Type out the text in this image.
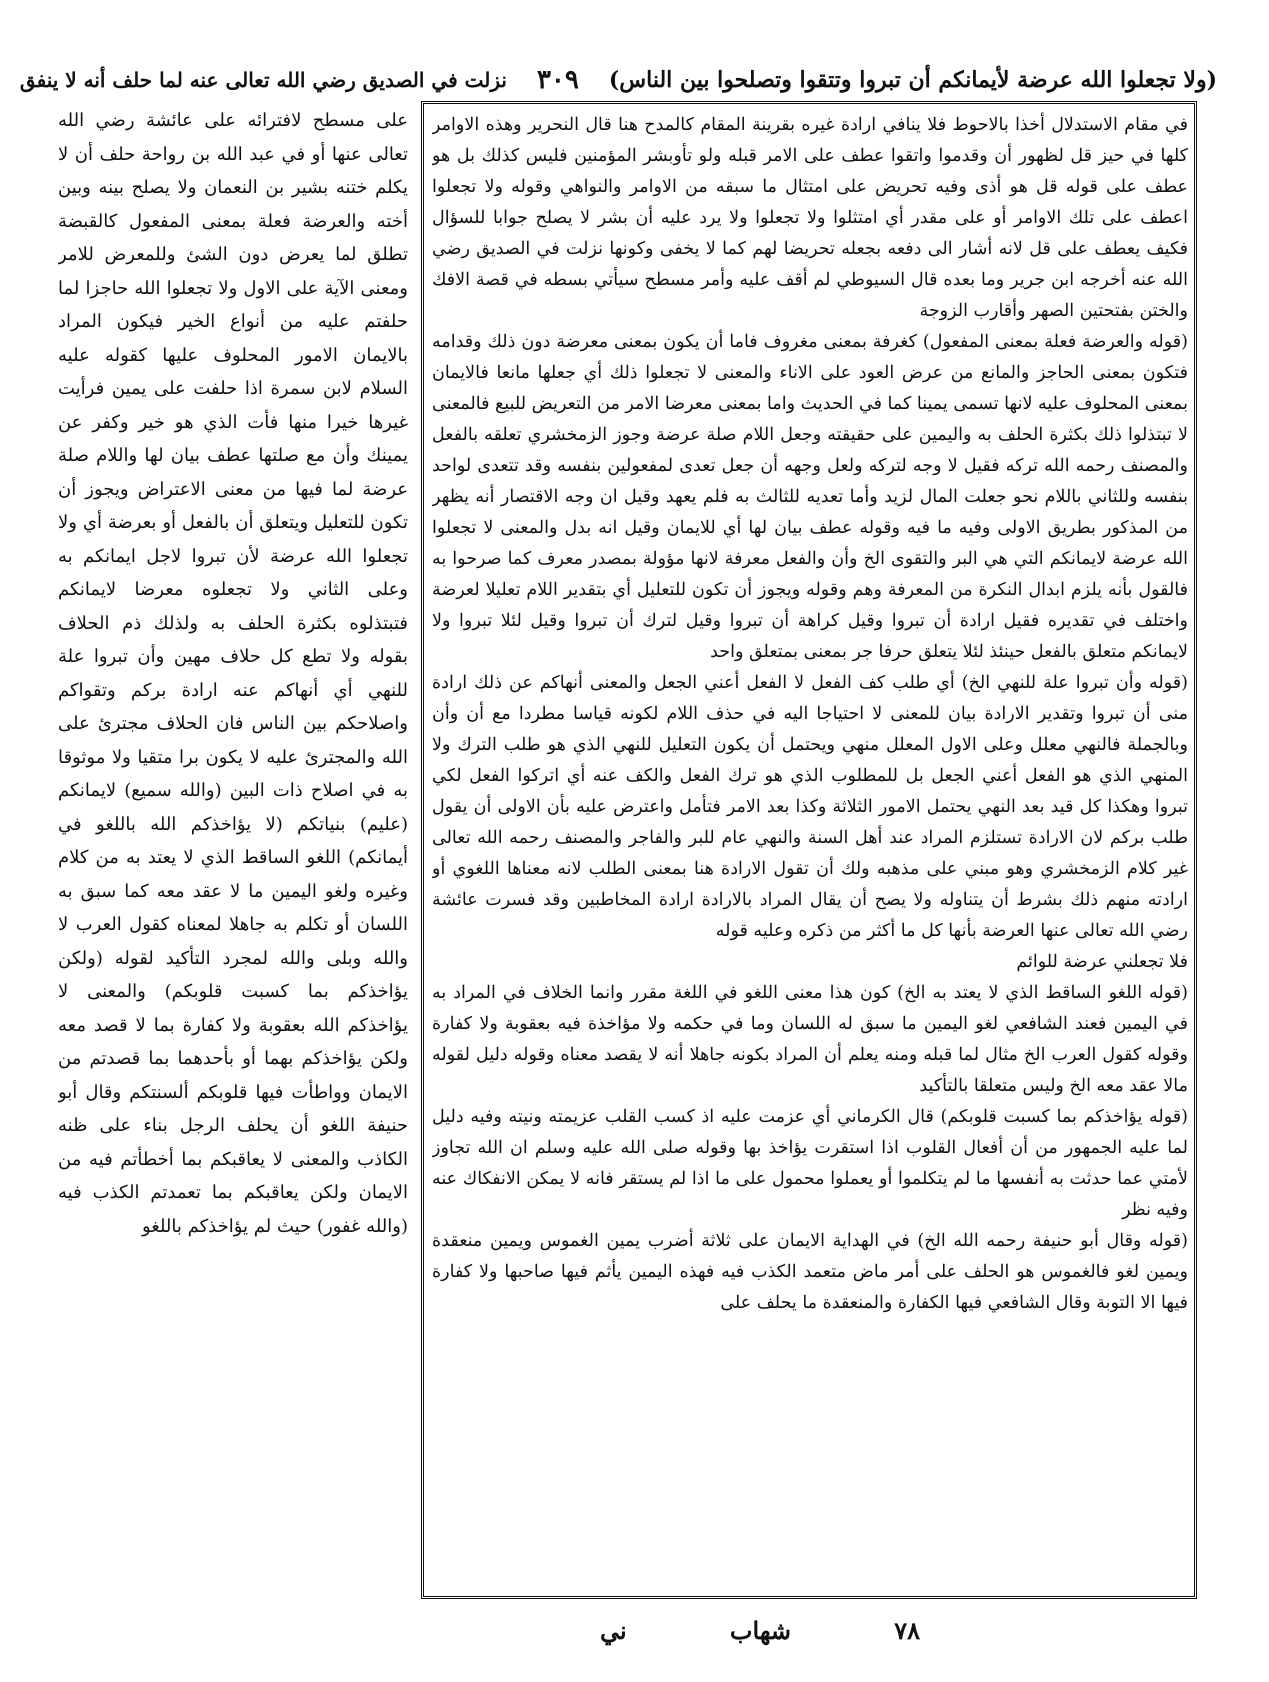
(ولا تجعلوا الله عرضة لأيمانكم أن تبروا وتتقوا وتصلحوا بين الناس)
٣٠٩
نزلت في الصديق رضي الله تعالى عنه لما حلف أنه لا ينفق

في مقام الاستدلال أخذا بالاحوط فلا ينافي ارادة غيره بقرينة المقام كالمدح هنا قال النحرير وهذه الاوامر كلها في حيز قل لظهور أن وقدموا واتقوا عطف على الامر قبله ولو تأوبشر المؤمنين فليس كذلك بل هو عطف على قوله قل هو أذى وفيه تحريض على امتثال ما سبقه من الاوامر والنواهي وقوله ولا تجعلوا اعطف على تلك الاوامر أو على مقدر أي امتثلوا ولا تجعلوا ولا يرد عليه أن بشر لا يصلح جوابا للسؤال فكيف يعطف على قل لانه أشار الى دفعه بجعله تحريضا لهم كما لا يخفى وكونها نزلت في الصديق رضي الله عنه أخرجه ابن جرير وما بعده قال السيوطي لم أقف عليه وأمر مسطح سيأتي بسطه في قصة الافك والختن بفتحتين الصهر وأقارب الزوجة

(قوله والعرضة فعلة بمعنى المفعول) كغرفة بمعنى مغروف فاما أن يكون بمعنى معرضة دون ذلك وقدامه فتكون بمعنى الحاجز والمانع من عرض العود على الاناء والمعنى لا تجعلوا ذلك أي جعلها مانعا فالايمان بمعنى المحلوف عليه لانها تسمى يمينا كما في الحديث واما بمعنى معرضا الامر من التعريض للبيع فالمعنى لا تبتذلوا ذلك بكثرة الحلف به واليمين على حقيقته وجعل اللام صلة عرضة وجوز الزمخشري تعلقه بالفعل والمصنف رحمه الله تركه فقيل لا وجه لتركه ولعل وجهه أن جعل تعدى لمفعولين بنفسه وقد تتعدى لواحد بنفسه وللثاني باللام نحو جعلت المال لزيد وأما تعديه للثالث به فلم يعهد وقيل ان وجه الاقتصار أنه يظهر من المذكور بطريق الاولى وفيه ما فيه وقوله عطف بيان لها أي للايمان وقيل انه بدل والمعنى لا تجعلوا الله عرضة لايمانكم التي هي البر والتقوى الخ وأن والفعل معرفة لانها مؤولة بمصدر معرف كما صرحوا به فالقول بأنه يلزم ابدال النكرة من المعرفة وهم وقوله ويجوز أن تكون للتعليل أي بتقدير اللام تعليلا لعرضة واختلف في تقديره فقيل ارادة أن تبروا وقيل كراهة أن تبروا وقيل لترك أن تبروا وقيل لئلا تبروا ولا لايمانكم متعلق بالفعل حينئذ لئلا يتعلق حرفا جر بمعنى بمتعلق واحد

(قوله وأن تبروا علة للنهي الخ) أي طلب كف الفعل لا الفعل أعني الجعل والمعنى أنهاكم عن ذلك ارادة منى أن تبروا وتقدير الارادة بيان للمعنى لا احتياجا اليه في حذف اللام لكونه قياسا مطردا مع أن وأن وبالجملة فالنهي معلل وعلى الاول المعلل منهي ويحتمل أن يكون التعليل للنهي الذي هو طلب الترك ولا المنهي الذي هو الفعل أعني الجعل بل للمطلوب الذي هو ترك الفعل والكف عنه أي اتركوا الفعل لكي تبروا وهكذا كل قيد بعد النهي يحتمل الامور الثلاثة وكذا بعد الامر فتأمل واعترض عليه بأن الاولى أن يقول طلب بركم لان الارادة تستلزم المراد عند أهل السنة والنهي عام للبر والفاجر والمصنف رحمه الله تعالى غير كلام الزمخشري وهو مبني على مذهبه ولك أن تقول الارادة هنا بمعنى الطلب لانه معناها اللغوي أو ارادته منهم ذلك بشرط أن يتناوله ولا يصح أن يقال المراد بالارادة ارادة المخاطبين وقد فسرت عائشة رضي الله تعالى عنها العرضة بأنها كل ما أكثر من ذكره وعليه قوله

فلا تجعلني عرضة للوائم

(قوله اللغو الساقط الذي لا يعتد به الخ) كون هذا معنى اللغو في اللغة مقرر وانما الخلاف في المراد به في اليمين فعند الشافعي لغو اليمين ما سبق له اللسان وما في حكمه ولا مؤاخذة فيه بعقوبة ولا كفارة وقوله كقول العرب الخ مثال لما قبله ومنه يعلم أن المراد بكونه جاهلا أنه لا يقصد معناه وقوله دليل لقوله مالا عقد معه الخ وليس متعلقا بالتأكيد

(قوله يؤاخذكم بما كسبت قلوبكم) قال الكرماني أي عزمت عليه اذ كسب القلب عزيمته ونيته وفيه دليل لما عليه الجمهور من أن أفعال القلوب اذا استقرت يؤاخذ بها وقوله صلى الله عليه وسلم ان الله تجاوز لأمتي عما حدثت به أنفسها ما لم يتكلموا أو يعملوا محمول على ما اذا لم يستقر فانه لا يمكن الانفكاك عنه وفيه نظر

(قوله وقال أبو حنيفة رحمه الله الخ) في الهداية الايمان على ثلاثة أضرب يمين الغموس ويمين منعقدة ويمين لغو فالغموس هو الحلف على أمر ماض متعمد الكذب فيه فهذه اليمين يأثم فيها صاحبها ولا كفارة فيها الا التوبة وقال الشافعي فيها الكفارة والمنعقدة ما يحلف على

على مسطح لافترائه على عائشة رضي الله تعالى عنها أو في عبد الله بن رواحة حلف أن لا يكلم ختنه بشير بن النعمان ولا يصلح بينه وبين أخته والعرضة فعلة بمعنى المفعول كالقبضة تطلق لما يعرض دون الشئ وللمعرض للامر ومعنى الآية على الاول ولا تجعلوا الله حاجزا لما حلفتم عليه من أنواع الخير فيكون المراد بالايمان الامور المحلوف عليها كقوله عليه السلام لابن سمرة اذا حلفت على يمين فرأيت غيرها خيرا منها فأت الذي هو خير وكفر عن يمينك وأن مع صلتها عطف بيان لها واللام صلة عرضة لما فيها من معنى الاعتراض ويجوز أن تكون للتعليل ويتعلق أن بالفعل أو بعرضة أي ولا تجعلوا الله عرضة لأن تبروا لاجل ايمانكم به وعلى الثاني ولا تجعلوه معرضا لايمانكم فتبتذلوه بكثرة الحلف به ولذلك ذم الحلاف بقوله ولا تطع كل حلاف مهين وأن تبروا علة للنهي أي أنهاكم عنه ارادة بركم وتقواكم واصلاحكم بين الناس فان الحلاف مجترئ على الله والمجترئ عليه لا يكون برا متقيا ولا موثوقا به في اصلاح ذات البين (والله سميع) لايمانكم (عليم) بنياتكم (لا يؤاخذكم الله باللغو في أيمانكم) اللغو الساقط الذي لا يعتد به من كلام وغيره ولغو اليمين ما لا عقد معه كما سبق به اللسان أو تكلم به جاهلا لمعناه كقول العرب لا والله وبلى والله لمجرد التأكيد لقوله (ولكن يؤاخذكم بما كسبت قلوبكم) والمعنى لا يؤاخذكم الله بعقوبة ولا كفارة بما لا قصد معه ولكن يؤاخذكم بهما أو بأحدهما بما قصدتم من الايمان وواطأت فيها قلوبكم ألسنتكم وقال أبو حنيفة اللغو أن يحلف الرجل بناء على ظنه الكاذب والمعنى لا يعاقبكم بما أخطأتم فيه من الايمان ولكن يعاقبكم بما تعمدتم الكذب فيه (والله غفور) حيث لم يؤاخذكم باللغو

٧٨
شهاب
ني
